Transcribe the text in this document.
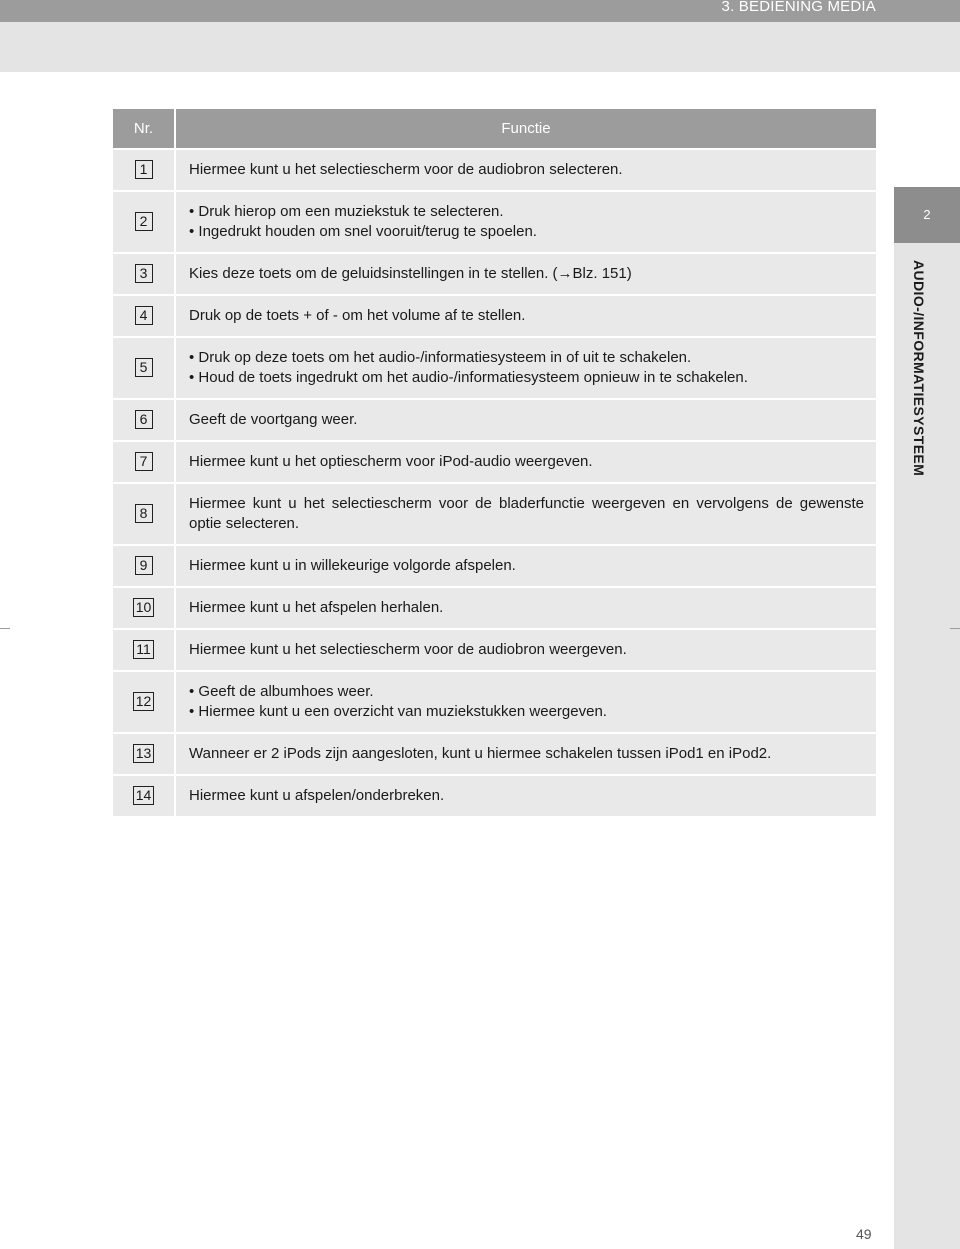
3. BEDIENING MEDIA
2
AUDIO-/INFORMATIESYSTEEM
Nr.	Functie
1	Hiermee kunt u het selectiescherm voor de audiobron selecteren.

2	• Druk hierop om een muziekstuk te selecteren.
• Ingedrukt houden om snel vooruit/terug te spoelen.

3	Kies deze toets om de geluidsinstellingen in te stellen. (→Blz. 151)

4	Druk op de toets + of - om het volume af te stellen.

5	• Druk op deze toets om het audio-/informatiesysteem in of uit te schakelen.
• Houd de toets ingedrukt om het audio-/informatiesysteem opnieuw in te schakelen.

6	Geeft de voortgang weer.

7	Hiermee kunt u het optiescherm voor iPod-audio weergeven.

8	Hiermee kunt u het selectiescherm voor de bladerfunctie weergeven en vervolgens de gewenste optie selecteren.

9	Hiermee kunt u in willekeurige volgorde afspelen.

10	Hiermee kunt u het afspelen herhalen.

11	Hiermee kunt u het selectiescherm voor de audiobron weergeven.

12	• Geeft de albumhoes weer.
• Hiermee kunt u een overzicht van muziekstukken weergeven.

13	Wanneer er 2 iPods zijn aangesloten, kunt u hiermee schakelen tussen iPod1 en iPod2.

14	Hiermee kunt u afspelen/onderbreken.
49
